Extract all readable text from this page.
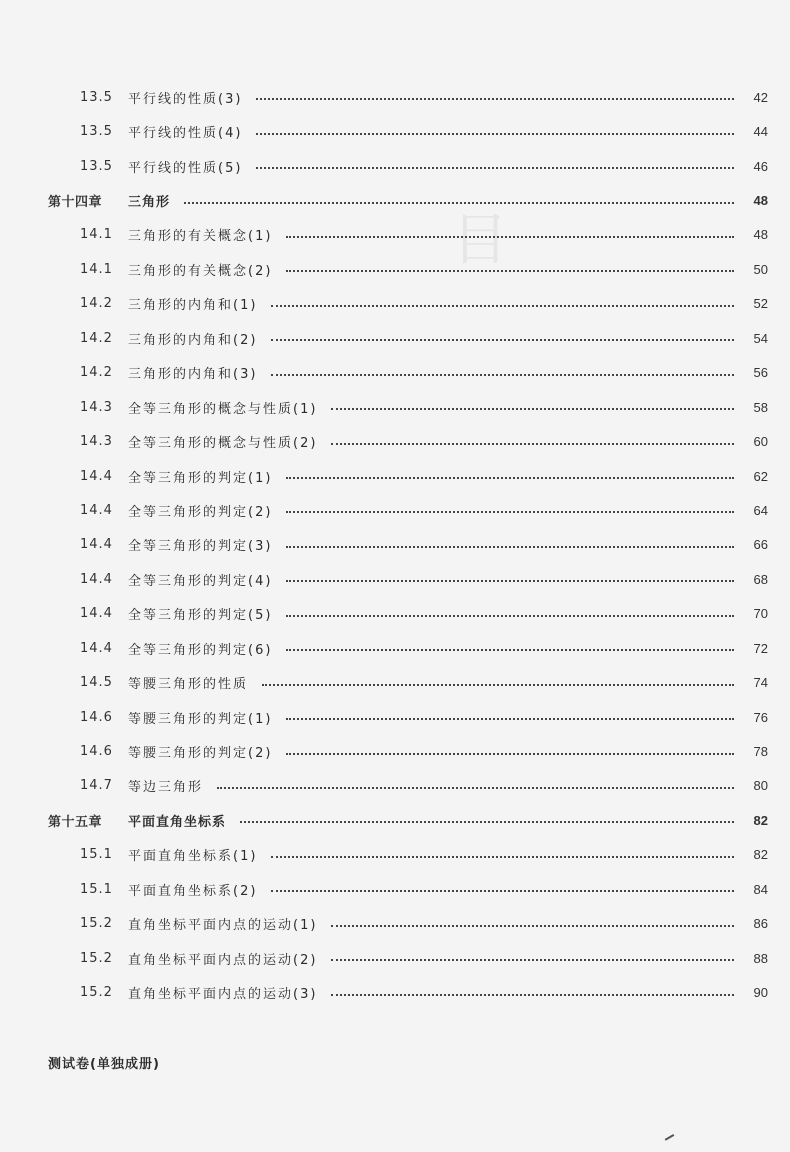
目
13.5	平行线的性质(3)	42
13.5	平行线的性质(4)	44
13.5	平行线的性质(5)	46
第十四章	三角形	48
14.1	三角形的有关概念(1)	48
14.1	三角形的有关概念(2)	50
14.2	三角形的内角和(1)	52
14.2	三角形的内角和(2)	54
14.2	三角形的内角和(3)	56
14.3	全等三角形的概念与性质(1)	58
14.3	全等三角形的概念与性质(2)	60
14.4	全等三角形的判定(1)	62
14.4	全等三角形的判定(2)	64
14.4	全等三角形的判定(3)	66
14.4	全等三角形的判定(4)	68
14.4	全等三角形的判定(5)	70
14.4	全等三角形的判定(6)	72
14.5	等腰三角形的性质	74
14.6	等腰三角形的判定(1)	76
14.6	等腰三角形的判定(2)	78
14.7	等边三角形	80
第十五章	平面直角坐标系	82
15.1	平面直角坐标系(1)	82
15.1	平面直角坐标系(2)	84
15.2	直角坐标平面内点的运动(1)	86
15.2	直角坐标平面内点的运动(2)	88
15.2	直角坐标平面内点的运动(3)	90
测试卷(单独成册)
